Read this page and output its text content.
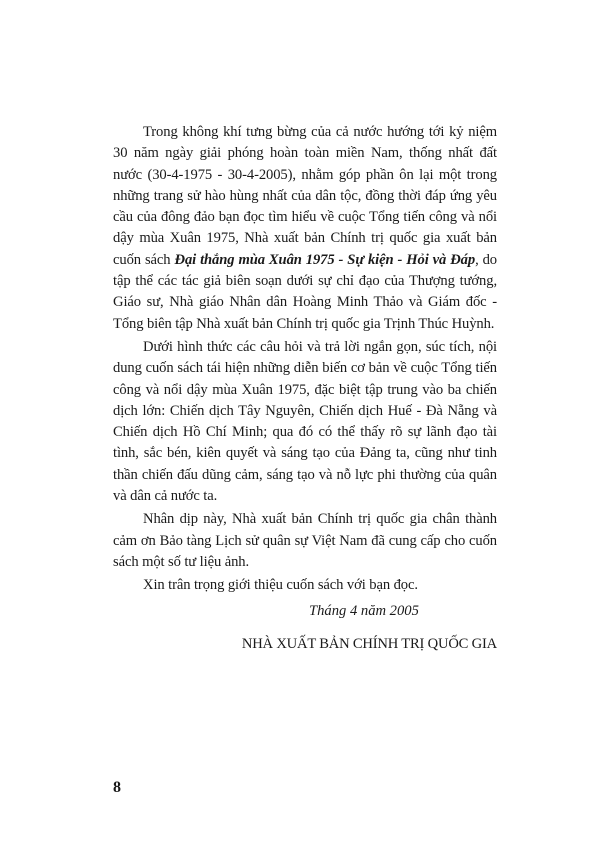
Trong không khí tưng bừng của cả nước hướng tới kỷ niệm 30 năm ngày giải phóng hoàn toàn miền Nam, thống nhất đất nước (30-4-1975 - 30-4-2005), nhằm góp phần ôn lại một trong những trang sử hào hùng nhất của dân tộc, đồng thời đáp ứng yêu cầu của đông đảo bạn đọc tìm hiểu về cuộc Tổng tiến công và nổi dậy mùa Xuân 1975, Nhà xuất bản Chính trị quốc gia xuất bản cuốn sách Đại thắng mùa Xuân 1975 - Sự kiện - Hỏi và Đáp, do tập thể các tác giả biên soạn dưới sự chỉ đạo của Thượng tướng, Giáo sư, Nhà giáo Nhân dân Hoàng Minh Thảo và Giám đốc - Tổng biên tập Nhà xuất bản Chính trị quốc gia Trịnh Thúc Huỳnh.

Dưới hình thức các câu hỏi và trả lời ngắn gọn, súc tích, nội dung cuốn sách tái hiện những diễn biến cơ bản về cuộc Tổng tiến công và nổi dậy mùa Xuân 1975, đặc biệt tập trung vào ba chiến dịch lớn: Chiến dịch Tây Nguyên, Chiến dịch Huế - Đà Nẵng và Chiến dịch Hồ Chí Minh; qua đó có thể thấy rõ sự lãnh đạo tài tình, sắc bén, kiên quyết và sáng tạo của Đảng ta, cũng như tinh thần chiến đấu dũng cảm, sáng tạo và nỗ lực phi thường của quân và dân cả nước ta.

Nhân dịp này, Nhà xuất bản Chính trị quốc gia chân thành cảm ơn Bảo tàng Lịch sử quân sự Việt Nam đã cung cấp cho cuốn sách một số tư liệu ảnh.

Xin trân trọng giới thiệu cuốn sách với bạn đọc.

Tháng 4 năm 2005

NHÀ XUẤT BẢN CHÍNH TRỊ QUỐC GIA

8
